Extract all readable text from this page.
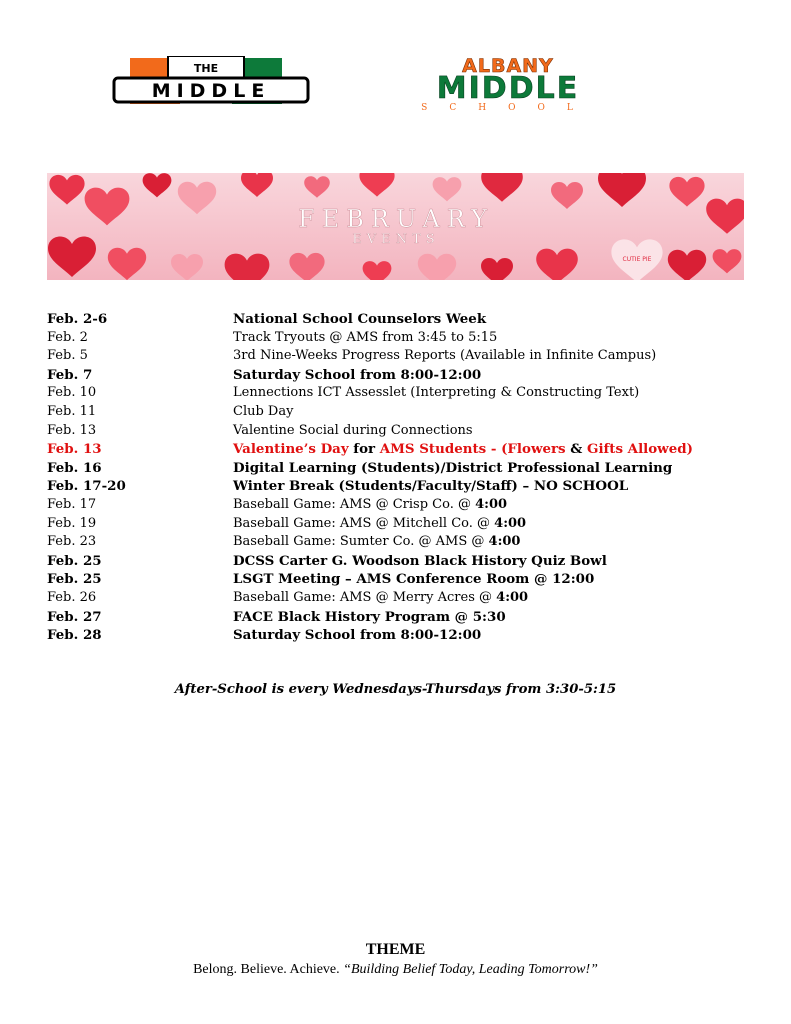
THE
MIDDLE
ALBANY
MIDDLE
SCHOOL
CUTIE PIE
FEBRUARY
EVENTS
Feb. 2-6	National School Counselors Week
Feb. 2	Track Tryouts @ AMS from 3:45 to 5:15
Feb. 5	3rd Nine-Weeks Progress Reports (Available in Infinite Campus)
Feb. 7	Saturday School from 8:00-12:00
Feb. 10	Lennections ICT Assesslet (Interpreting & Constructing Text)
Feb. 11	Club Day
Feb. 13	Valentine Social during Connections
Feb. 13	Valentine’s Day for AMS Students - (Flowers & Gifts Allowed)
Feb. 16	Digital Learning (Students)/District Professional Learning
Feb. 17-20	Winter Break (Students/Faculty/Staff) – NO SCHOOL
Feb. 17	Baseball Game: AMS @ Crisp Co. @ 4:00
Feb. 19	Baseball Game: AMS @ Mitchell Co. @ 4:00
Feb. 23	Baseball Game: Sumter Co. @ AMS @ 4:00
Feb. 25	DCSS Carter G. Woodson Black History Quiz Bowl
Feb. 25	LSGT Meeting – AMS Conference Room @ 12:00
Feb. 26	Baseball Game: AMS @ Merry Acres @ 4:00
Feb. 27	FACE Black History Program @ 5:30
Feb. 28	Saturday School from 8:00-12:00
After-School is every Wednesdays-Thursdays from 3:30-5:15
THEME
Belong. Believe. Achieve. “Building Belief Today, Leading Tomorrow!”
